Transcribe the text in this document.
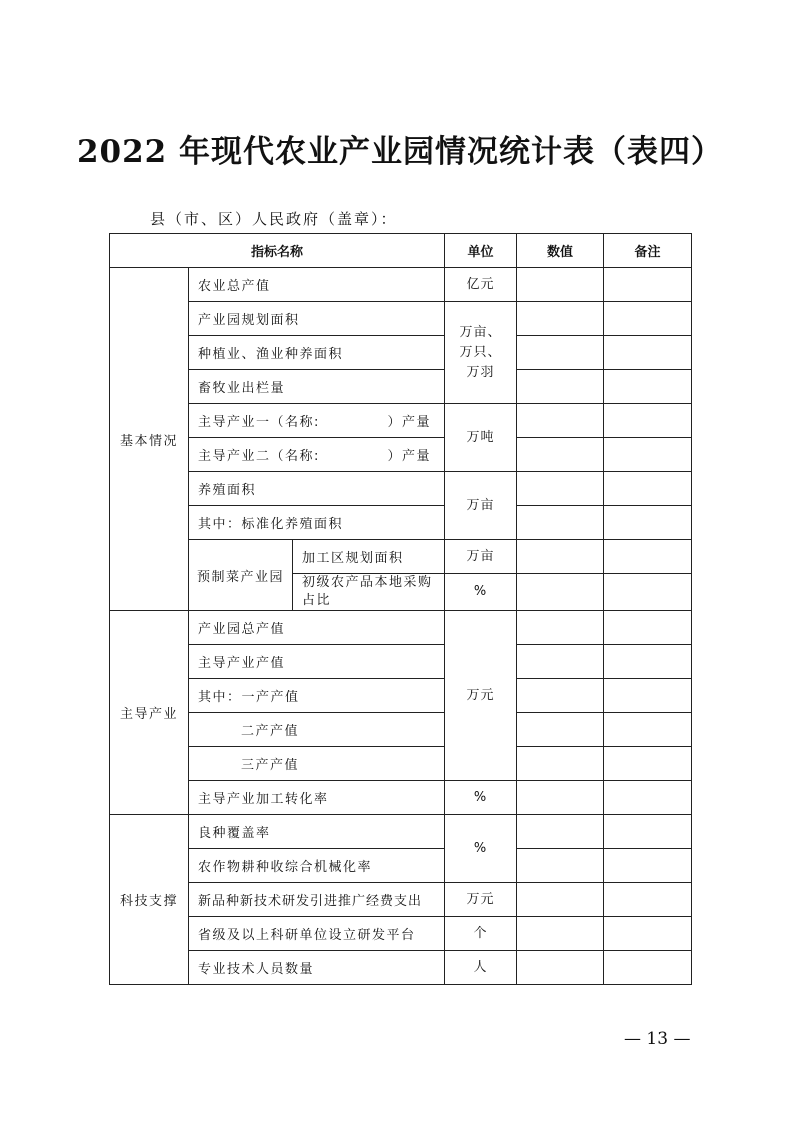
2022 年现代农业产业园情况统计表（表四）
县（市、区）人民政府（盖章）：
指标名称			单位	数值	备注
基本情况	农业总产值		亿元		
	产业园规划面积		万亩、万只、万羽		
	种植业、渔业种养面积				
	畜牧业出栏量				
	主导产业一（名称:            ）产量		万吨		
	主导产业二（名称:            ）产量				
	养殖面积		万亩		
	其中：标准化养殖面积				
	预制菜产业园	加工区规划面积	万亩		
		初级农产品本地采购占比	%		
主导产业	产业园总产值		万元		
	主导产业产值				
	其中：一产产值				
	二产产值				
	三产产值				
	主导产业加工转化率		%		
科技支撑	良种覆盖率		%		
	农作物耕种收综合机械化率				
	新品种新技术研发引进推广经费支出		万元		
	省级及以上科研单位设立研发平台		个		
	专业技术人员数量		人		
— 13 —
